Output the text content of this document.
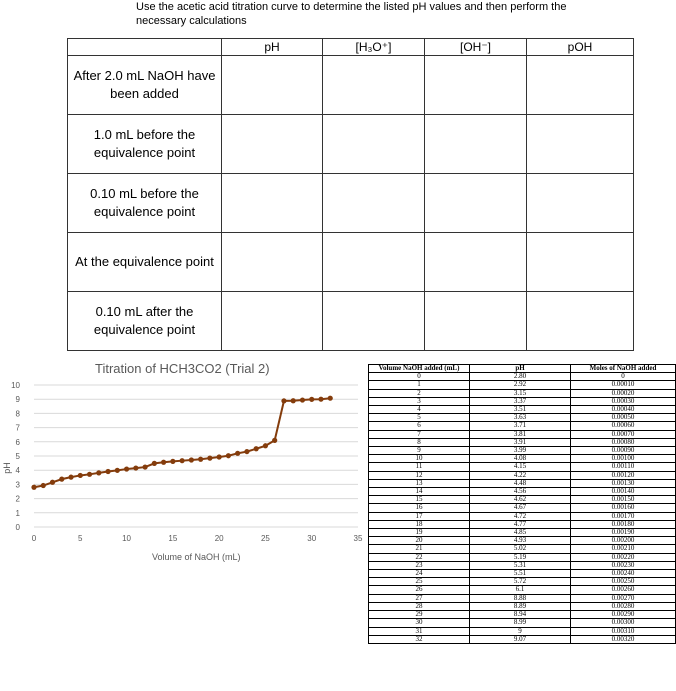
Use the acetic acid titration curve to determine the listed pH values and then perform the necessary calculations
	pH	[H₃O⁺]	[OH⁻]	pOH
After 2.0 mL NaOH have been added				
1.0 mL before the equivalence point				
0.10 mL before the equivalence point				
At the equivalence point				
0.10 mL after the equivalence point				
Titration of HCH3CO2 (Trial 2)
0
1
2
3
4
5
6
7
8
9
10
0	5	10	15	20	25	30	35
Volume of NaOH (mL)
pH
Volume NaOH added (mL)	pH	Moles of NaOH added
0	2.80	0
1	2.92	0.00010
2	3.15	0.00020
3	3.37	0.00030
4	3.51	0.00040
5	3.63	0.00050
6	3.71	0.00060
7	3.81	0.00070
8	3.91	0.00080
9	3.99	0.00090
10	4.08	0.00100
11	4.15	0.00110
12	4.22	0.00120
13	4.48	0.00130
14	4.56	0.00140
15	4.62	0.00150
16	4.67	0.00160
17	4.72	0.00170
18	4.77	0.00180
19	4.85	0.00190
20	4.93	0.00200
21	5.02	0.00210
22	5.19	0.00220
23	5.31	0.00230
24	5.51	0.00240
25	5.72	0.00250
26	6.1	0.00260
27	8.88	0.00270
28	8.89	0.00280
29	8.94	0.00290
30	8.99	0.00300
31	9	0.00310
32	9.07	0.00320
